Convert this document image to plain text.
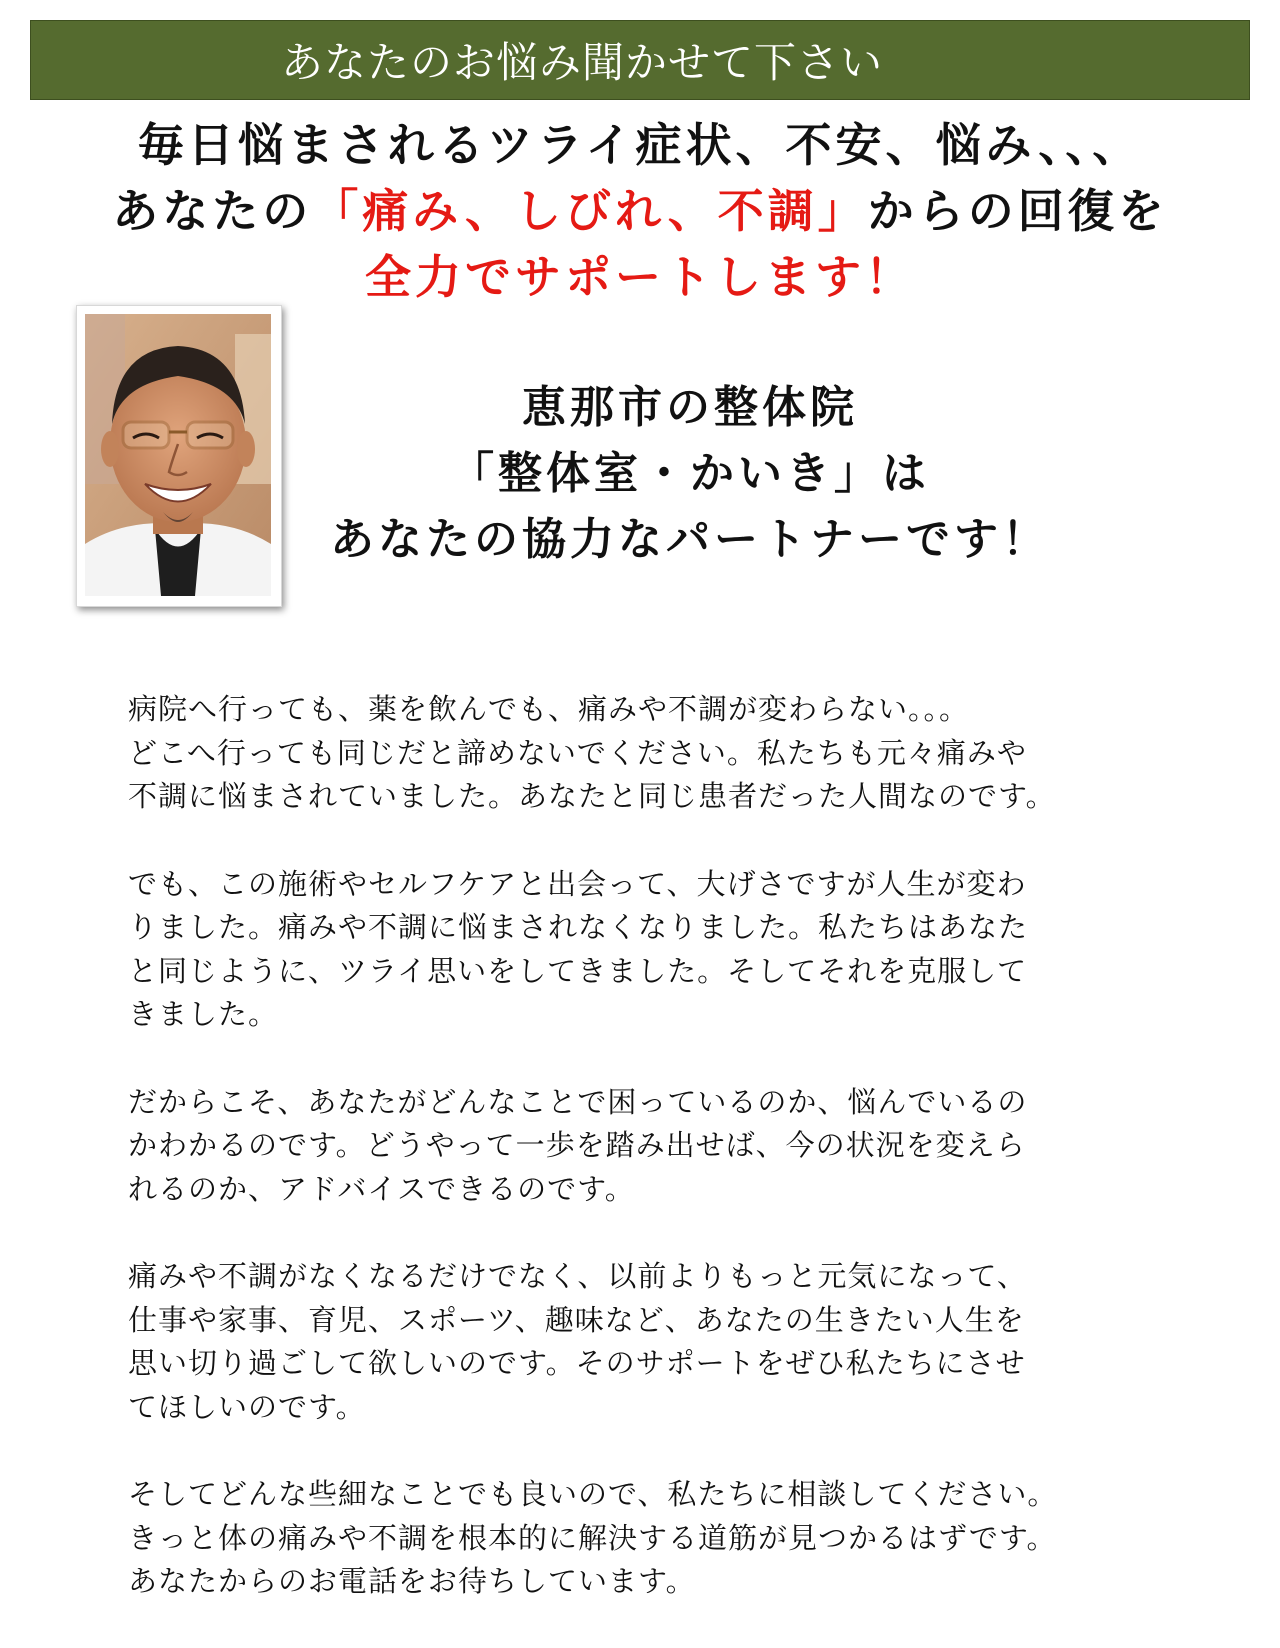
あなたのお悩み聞かせて下さい
毎日悩まされるツライ症状、不安、悩み、、、
あなたの「痛み、しびれ、不調」からの回復を
全力でサポートします！
恵那市の整体院
「整体室・かいき」は
あなたの協力なパートナーです！
病院へ行っても、薬を飲んでも、痛みや不調が変わらない。。。
どこへ行っても同じだと諦めないでください。私たちも元々痛みや
不調に悩まされていました。あなたと同じ患者だった人間なのです。
でも、この施術やセルフケアと出会って、大げさですが人生が変わ
りました。痛みや不調に悩まされなくなりました。私たちはあなた
と同じように、ツライ思いをしてきました。そしてそれを克服して
きました。
だからこそ、あなたがどんなことで困っているのか、悩んでいるの
かわかるのです。どうやって一歩を踏み出せば、今の状況を変えら
れるのか、アドバイスできるのです。
痛みや不調がなくなるだけでなく、以前よりもっと元気になって、
仕事や家事、育児、スポーツ、趣味など、あなたの生きたい人生を
思い切り過ごして欲しいのです。そのサポートをぜひ私たちにさせ
てほしいのです。
そしてどんな些細なことでも良いので、私たちに相談してください。
きっと体の痛みや不調を根本的に解決する道筋が見つかるはずです。
あなたからのお電話をお待ちしています。
